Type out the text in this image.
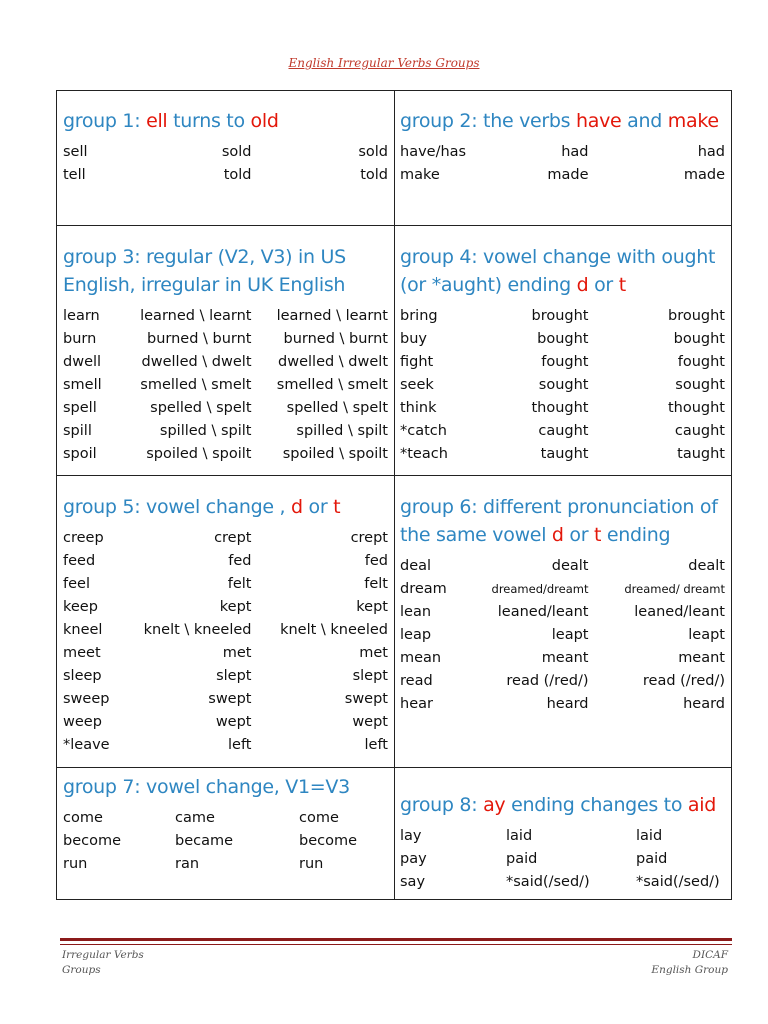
English Irregular Verbs Groups
group 1: ell turns to old
sell	sold	sold
tell	told	told
group 2: the verbs have and make
have/has	had	had
make	made	made
group 3: regular (V2, V3) in US English, irregular in UK English
learn	learned \ learnt	learned \ learnt
burn	burned \ burnt	burned \ burnt
dwell	dwelled \ dwelt	dwelled \ dwelt
smell	smelled \ smelt	smelled \ smelt
spell	spelled \ spelt	spelled \ spelt
spill	spilled \ spilt	spilled \ spilt
spoil	spoiled \ spoilt	spoiled \ spoilt
group 4: vowel change with ought (or *aught) ending d or t
bring	brought	brought
buy	bought	bought
fight	fought	fought
seek	sought	sought
think	thought	thought
*catch	caught	caught
*teach	taught	taught
group 5: vowel change , d or t
creep	crept	crept
feed	fed	fed
feel	felt	felt
keep	kept	kept
kneel	knelt \ kneeled	knelt \ kneeled
meet	met	met
sleep	slept	slept
sweep	swept	swept
weep	wept	wept
*leave	left	left
group 6: different pronunciation of the same vowel d or t ending
deal	dealt	dealt
dream	dreamed/dreamt	dreamed/ dreamt
lean	leaned/leant	leaned/leant
leap	leapt	leapt
mean	meant	meant
read	read (/red/)	read (/red/)
hear	heard	heard
group 7: vowel change, V1=V3
come	came	come
become	became	become
run	ran	run
group 8: ay ending changes to aid
lay	laid	laid
pay	paid	paid
say	*said(/sed/)	*said(/sed/)
Irregular Verbs
Groups
DICAF
English Group
